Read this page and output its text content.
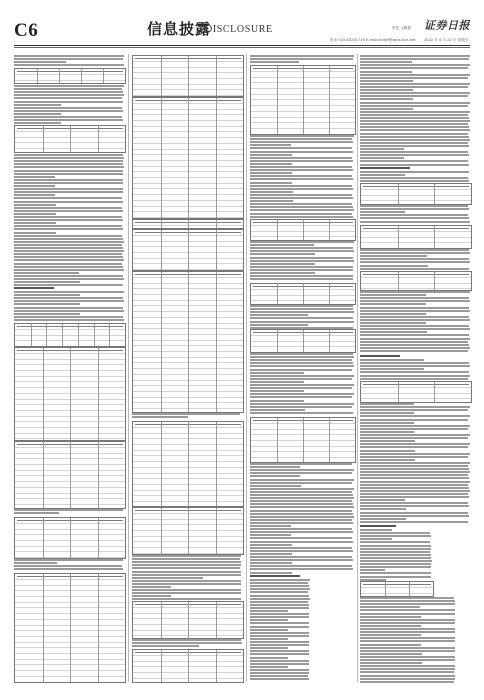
C6	信息披露
DISCLOSURE	责任 王颖思 证券日报
电话 010-83251716 E-mail:zqrb9@zqrb.sina.net 2022 年 4 月 22 日 星期五
